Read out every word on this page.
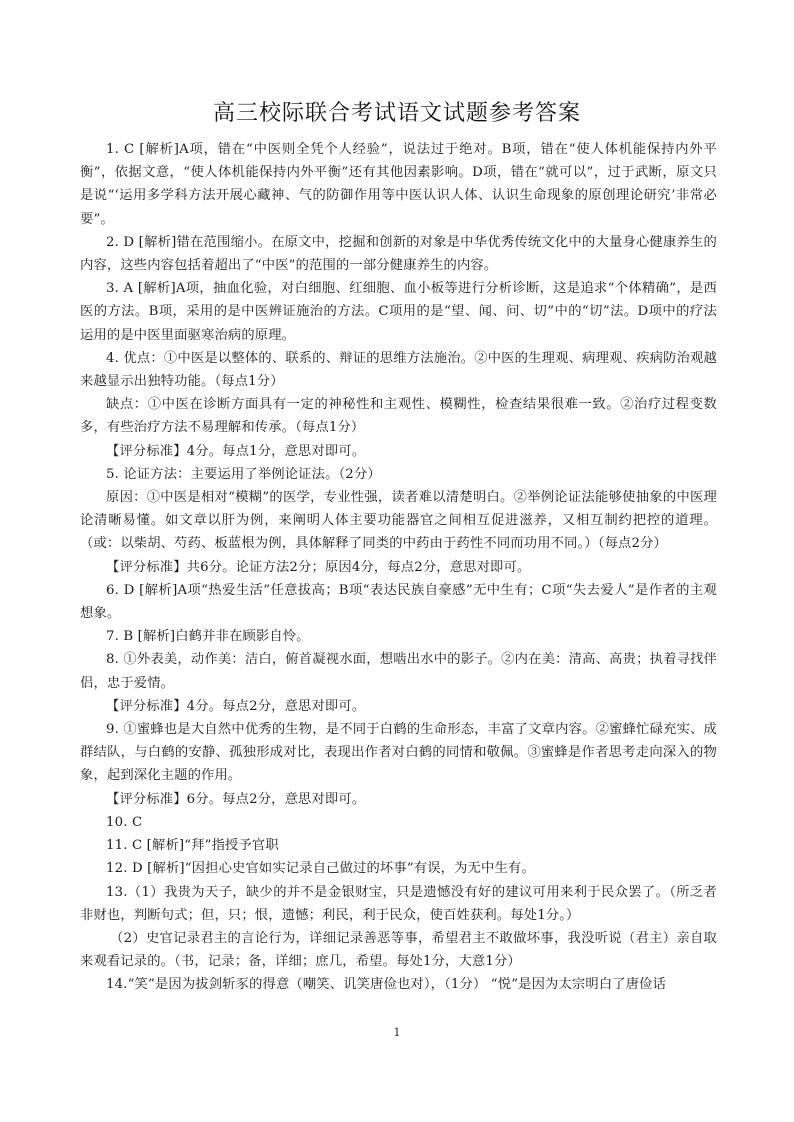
高三校际联合考试语文试题参考答案

1. C [解析]A项，错在“中医则全凭个人经验”，说法过于绝对。B项，错在“使人体机能保持内外平衡”，依据文意，“使人体机能保持内外平衡”还有其他因素影响。D项，错在“就可以”，过于武断，原文只是说“‘运用多学科方法开展心藏神、气的防御作用等中医认识人体、认识生命现象的原创理论研究’非常必要”。

2. D [解析]错在范围缩小。在原文中，挖掘和创新的对象是中华优秀传统文化中的大量身心健康养生的内容，这些内容包括着超出了“中医”的范围的一部分健康养生的内容。

3. A [解析]A项，抽血化验，对白细胞、红细胞、血小板等进行分析诊断，这是追求“个体精确”，是西医的方法。B项，采用的是中医辨证施治的方法。C项用的是“望、闻、问、切”中的“切”法。D项中的疗法运用的是中医里面驱寒治病的原理。

4. 优点：①中医是以整体的、联系的、辩证的思维方法施治。②中医的生理观、病理观、疾病防治观越来越显示出独特功能。（每点1分）

缺点：①中医在诊断方面具有一定的神秘性和主观性、模糊性，检查结果很难一致。②治疗过程变数多，有些治疗方法不易理解和传承。（每点1分）

【评分标准】4分。每点1分，意思对即可。

5. 论证方法：主要运用了举例论证法。（2分）

原因：①中医是相对“模糊”的医学，专业性强，读者难以清楚明白。②举例论证法能够使抽象的中医理论清晰易懂。如文章以肝为例，来阐明人体主要功能器官之间相互促进滋养，又相互制约把控的道理。（或：以柴胡、芍药、板蓝根为例，具体解释了同类的中药由于药性不同而功用不同。）（每点2分）

【评分标准】共6分。论证方法2分；原因4分，每点2分，意思对即可。

6. D [解析]A项“热爱生活”任意拔高；B项“表达民族自豪感”无中生有；C项“失去爱人”是作者的主观想象。

7. B [解析]白鹤并非在顾影自怜。

8. ①外表美，动作美：洁白，俯首凝视水面，想啮出水中的影子。②内在美：清高、高贵；执着寻找伴侣，忠于爱情。

【评分标准】4分。每点2分，意思对即可。

9. ①蜜蜂也是大自然中优秀的生物，是不同于白鹤的生命形态，丰富了文章内容。②蜜蜂忙碌充实、成群结队，与白鹤的安静、孤独形成对比，表现出作者对白鹤的同情和敬佩。③蜜蜂是作者思考走向深入的物象，起到深化主题的作用。

【评分标准】6分。每点2分，意思对即可。

10. C

11. C [解析]“拜”指授予官职

12. D [解析]“因担心史官如实记录自己做过的坏事”有误，为无中生有。

13.（1）我贵为天子，缺少的并不是金银财宝，只是遗憾没有好的建议可用来利于民众罢了。（所乏者非财也，判断句式；但，只；恨，遗憾；利民，利于民众，使百姓获利。每处1分。）

（2）史官记录君主的言论行为，详细记录善恶等事，希望君主不敢做坏事，我没听说（君主）亲自取来观看记录的。（书，记录；备，详细；庶几，希望。每处1分，大意1分）

14.“笑”是因为拔剑斩豕的得意（嘲笑、讥笑唐俭也对），（1分） “悦”是因为太宗明白了唐俭话

1
